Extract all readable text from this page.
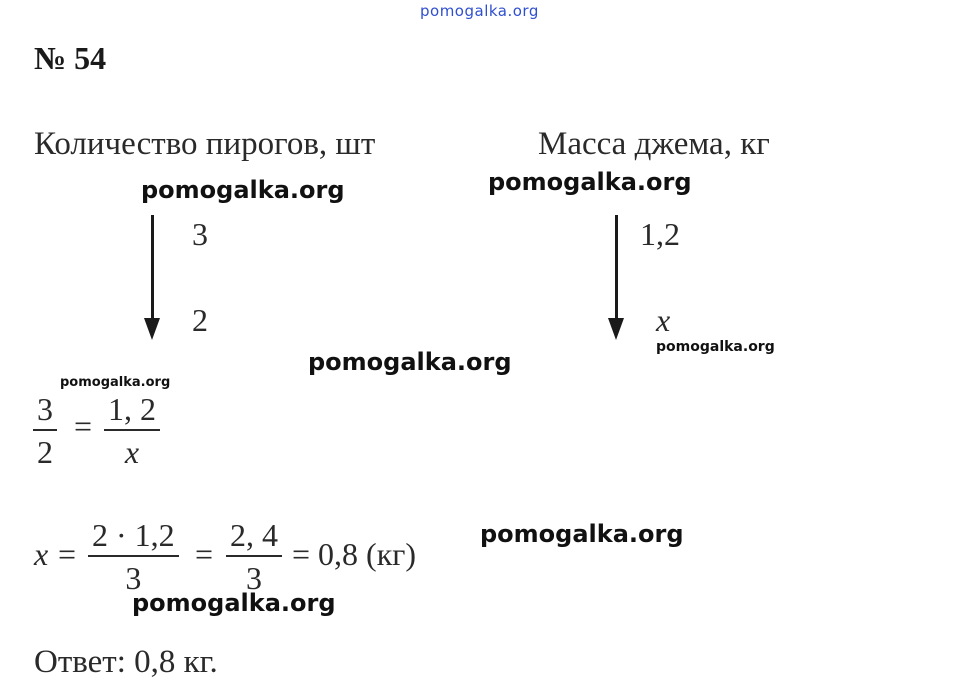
pomogalka.org
№ 54
Количество пирогов, шт	Масса джема, кг
pomogalka.org	pomogalka.org
3
2
1,2
x
pomogalka.org
pomogalka.org
pomogalka.org
3
2
= 1, 2
x
x =
2 · 1,2
3
=
2, 4
3
= 0,8 (кг)
pomogalka.org
pomogalka.org
Ответ: 0,8 кг.
